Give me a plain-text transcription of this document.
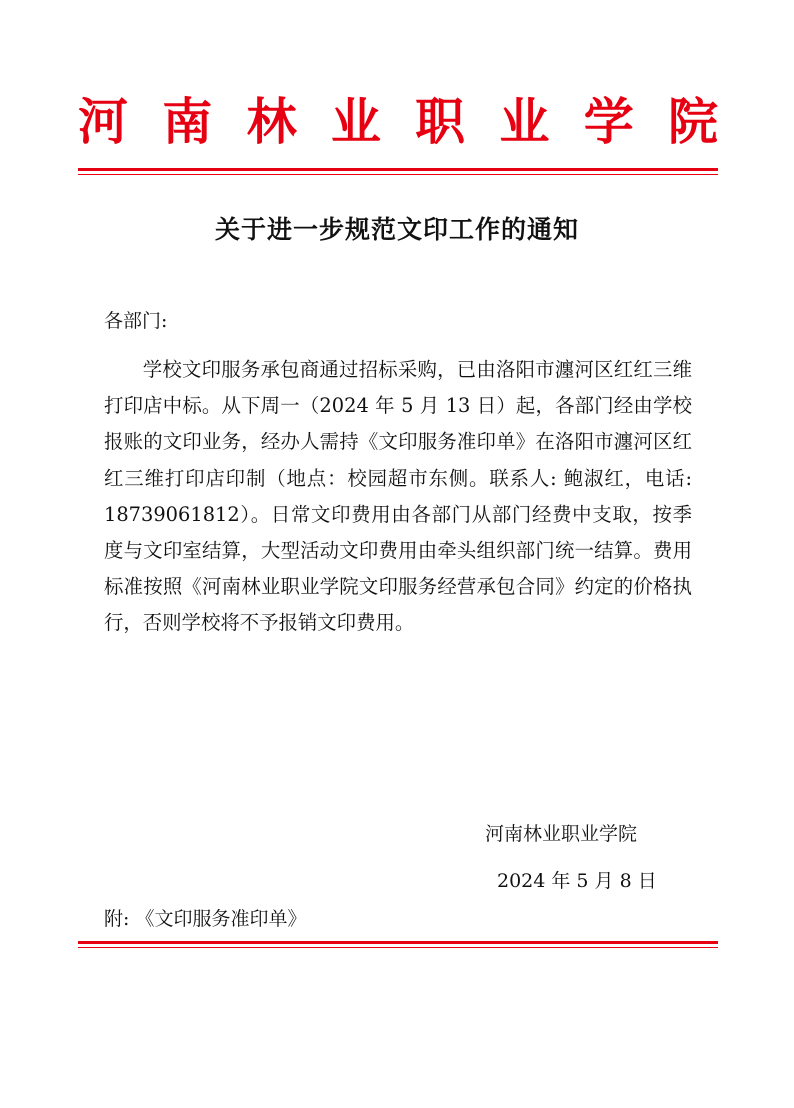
河 南 林 业 职 业 学 院
关于进一步规范文印工作的通知
各部门:

学校文印服务承包商通过招标采购，已由洛阳市瀍河区红红三维打印店中标。从下周一（2024 年 5 月 13 日）起，各部门经由学校报账的文印业务，经办人需持《文印服务准印单》在洛阳市瀍河区红红三维打印店印制（地点：校园超市东侧。联系人: 鲍淑红，电话: 18739061812）。日常文印费用由各部门从部门经费中支取，按季度与文印室结算，大型活动文印费用由牵头组织部门统一结算。费用标准按照《河南林业职业学院文印服务经营承包合同》约定的价格执行，否则学校将不予报销文印费用。

河南林业职业学院
2024 年 5 月 8 日
附: 《文印服务准印单》
